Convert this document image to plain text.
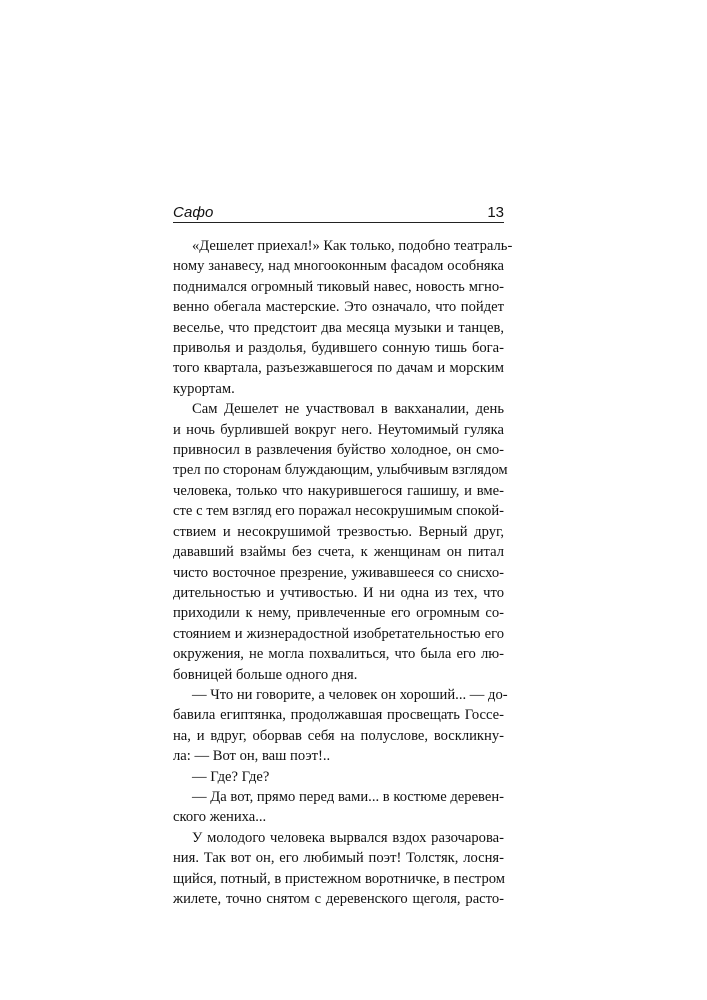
Сафо	13
«Дешелет приехал!» Как только, подобно театраль-
ному занавесу, над многооконным фасадом особняка
поднимался огромный тиковый навес, новость мгно-
венно обегала мастерские. Это означало, что пойдет
веселье, что предстоит два месяца музыки и танцев,
приволья и раздолья, будившего сонную тишь бога-
того квартала, разъезжавшегося по дачам и морским
курортам.
Сам Дешелет не участвовал в вакханалии, день
и ночь бурлившей вокруг него. Неутомимый гуляка
привносил в развлечения буйство холодное, он смо-
трел по сторонам блуждающим, улыбчивым взглядом
человека, только что накурившегося гашишу, и вме-
сте с тем взгляд его поражал несокрушимым спокой-
ствием и несокрушимой трезвостью. Верный друг,
дававший взаймы без счета, к женщинам он питал
чисто восточное презрение, уживавшееся со снисхо-
дительностью и учтивостью. И ни одна из тех, что
приходили к нему, привлеченные его огромным со-
стоянием и жизнерадостной изобретательностью его
окружения, не могла похвалиться, что была его лю-
бовницей больше одного дня.
— Что ни говорите, а человек он хороший... — до-
бавила египтянка, продолжавшая просвещать Госсе-
на, и вдруг, оборвав себя на полуслове, воскликну-
ла: — Вот он, ваш поэт!..
— Где? Где?
— Да вот, прямо перед вами... в костюме деревен-
ского жениха...
У молодого человека вырвался вздох разочарова-
ния. Так вот он, его любимый поэт! Толстяк, лосня-
щийся, потный, в пристежном воротничке, в пестром
жилете, точно снятом с деревенского щеголя, расто-
